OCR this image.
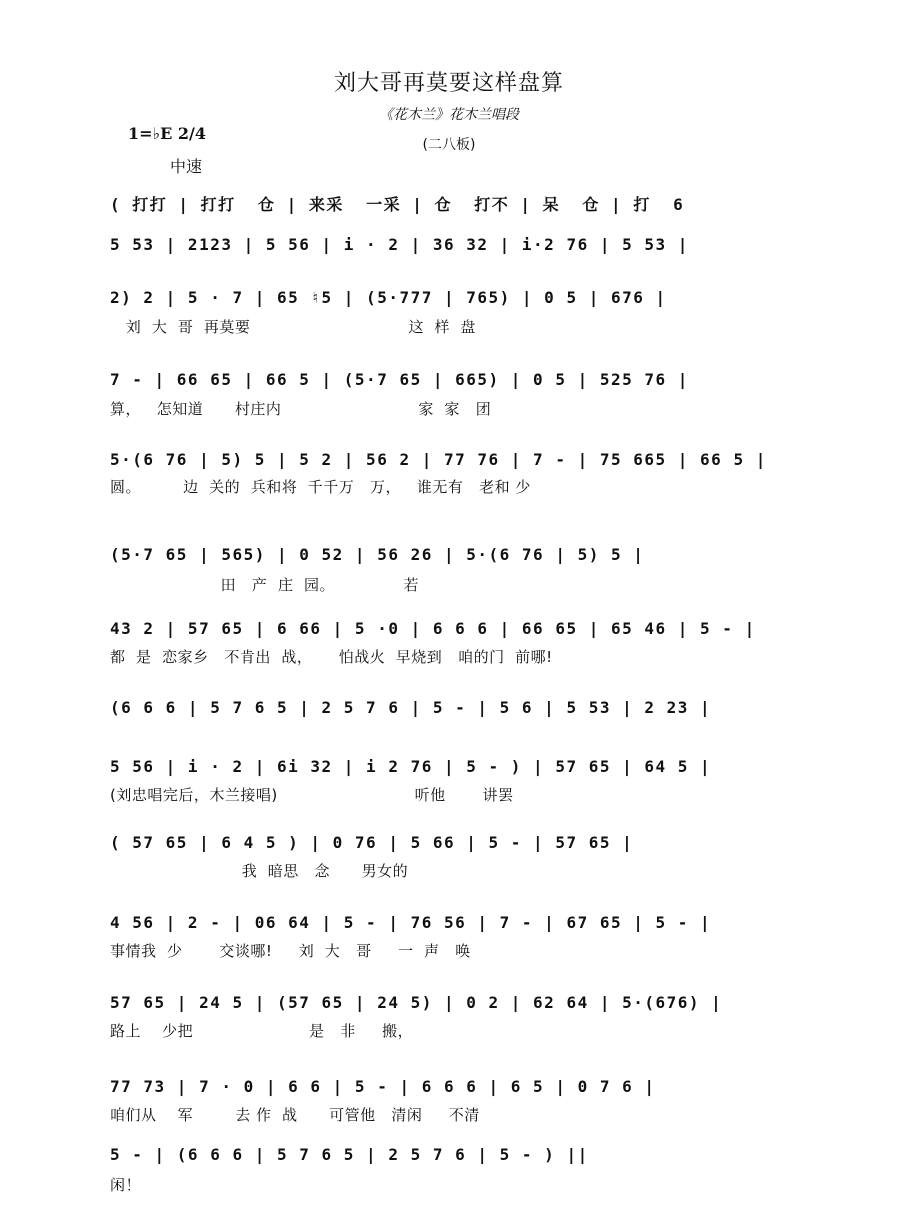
刘大哥再莫要这样盘算
《花木兰》花木兰唱段
(二八板)
1=♭E 2/4
中速
( 打打 | 打打  仓 | 来采  一采 | 仓  打不 | 呆  仓 | 打  6
5 53 | 2123 | 5 56 | i · 2 | 36 32 | i·2 76 | 5 53 |
2) 2 | 5 · 7 | 65 ♮5 | (5·777 | 765) | 0 5 | 676 |
刘  大  哥  再莫要                              这  样  盘
7 - | 66 65 | 66 5 | (5·7 65 | 665) | 0 5 | 525 76 |
算，   怎知道      村庄内                          家  家   团
5·(6 76 | 5) 5 | 5 2 | 56 2 | 77 76 | 7 - | 75 665 | 66 5 |
圆。        边  关的  兵和将  千千万   万，   谁无有   老和 少
(5·7 65 | 565) | 0 52 | 56 26 | 5·(6 76 | 5) 5 |
田   产  庄  园。             若
43 2 | 57 65 | 6 66 | 5 ·0 | 6 6 6 | 66 65 | 65 46 | 5 - |
都  是  恋家乡   不肯出  战，     怕战火  早烧到   咱的门  前哪!
(6 6 6 | 5 7 6 5 | 2 5 7 6 | 5 - | 5 6 | 5 53 | 2 23 |
5 56 | i · 2 | 6i 32 | i 2 76 | 5 - ) | 57 65 | 64 5 |
(刘忠唱完后，木兰接唱)                          听他       讲罢
( 57 65 | 6 4 5 ) | 0 76 | 5 66 | 5 - | 57 65 |
我  暗思   念      男女的
4 56 | 2 - | 06 64 | 5 - | 76 56 | 7 - | 67 65 | 5 - |
事情我  少       交谈哪!     刘  大   哥     一  声   唤
57 65 | 24 5 | (57 65 | 24 5) | 0 2 | 62 64 | 5·(676) |
路上    少把                      是   非     搬，
77 73 | 7 · 0 | 6 6 | 5 - | 6 6 6 | 6 5 | 0 7 6 |
咱们从    军        去 作  战      可管他   清闲     不清
5 - | (6 6 6 | 5 7 6 5 | 2 5 7 6 | 5 - ) ||
闲！
